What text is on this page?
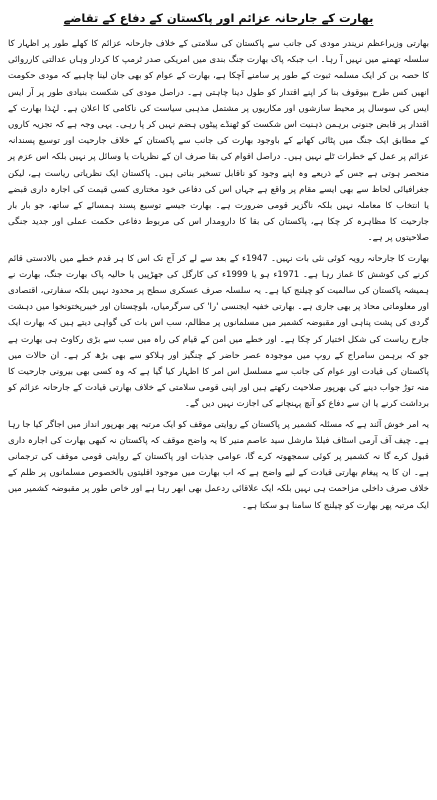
بھارت کے جارحانہ عزائم اور پاکستان کے دفاع کے تقاضے

بھارتی وزیراعظم نریندر مودی کی جانب سے پاکستان کی سلامتی کے خلاف جارحانہ عزائم کا کھلے طور پر اظہار کا سلسلہ تھمنے میں نہیں آ رہا۔ اب جبکہ پاک بھارت جنگ بندی میں امریکی صدر ٹرمپ کا کردار وہاں عدالتی کارروائی کا حصہ بن کر ایک مسلمہ ثبوت کے طور پر سامنے آچکا ہے، بھارت کے عوام کو بھی جان لینا چاہیے کہ مودی حکومت انھیں کس طرح بیوقوف بنا کر اپنے اقتدار کو طول دینا چاہتی ہے۔ دراصل مودی کی شکست بنیادی طور پر آر ایس ایس کی سوسال پر محیط سازشوں اور مکاریوں پر مشتمل مذہبی سیاست کی ناکامی کا اعلان ہے۔ لہٰذا بھارت کے اقتدار پر قابض جنونی برہمن ذہنیت اس شکست کو ٹھنڈے پیٹوں ہضم نہیں کر پا رہی۔ یہی وجہ ہے کہ تجزیہ کاروں کے مطابق ایک جنگ میں پٹائی کھانے کے باوجود بھارت کی جانب سے پاکستان کے خلاف جارحیت اور توسیع پسندانہ عزائم پر عمل کے خطرات ٹلے نہیں ہیں۔ دراصل اقوام کی بقا صرف ان کے نظریات یا وسائل پر نہیں بلکہ اس عزم پر منحصر ہوتی ہے جس کے ذریعے وہ اپنے وجود کو ناقابل تسخیر بناتی ہیں۔ پاکستان ایک نظریاتی ریاست ہے، لیکن جغرافیائی لحاظ سے بھی ایسے مقام پر واقع ہے جہاں اس کی دفاعی خود مختاری کسی قیمت کی اجارہ داری قبضے یا انتخاب کا معاملہ نہیں بلکہ ناگزیر قومی ضرورت ہے۔ بھارت جیسے توسیع پسند ہمسائے کے ساتھ، جو بار بار جارحیت کا مظاہرہ کر چکا ہے، پاکستان کی بقا کا دارومدار اس کی مربوط دفاعی حکمت عملی اور جدید جنگی صلاحیتوں پر ہے۔

بھارت کا جارحانہ رویہ کوئی نئی بات نہیں۔ 1947ء کے بعد سے لے کر آج تک اس کا ہر قدم خطے میں بالادستی قائم کرنے کی کوشش کا غماز رہا ہے۔ 1971ء ہو یا 1999ء کی کارگل کی جھڑپیں یا حالیہ پاک بھارت جنگ، بھارت نے ہمیشہ پاکستان کی سالمیت کو چیلنج کیا ہے۔ یہ سلسلہ صرف عسکری سطح پر محدود نہیں بلکہ سفارتی، اقتصادی اور معلوماتی محاذ پر بھی جاری ہے۔ بھارتی خفیہ ایجنسی 'را' کی سرگرمیاں، بلوچستان اور خیبرپختونخوا میں دہشت گردی کی پشت پناہی اور مقبوضہ کشمیر میں مسلمانوں پر مظالم، سب اس بات کی گواہی دیتے ہیں کہ بھارت ایک جارح ریاست کی شکل اختیار کر چکا ہے۔ اور خطے میں امن کے قیام کی راہ میں سب سے بڑی رکاوٹ ہی بھارت ہے جو کہ برہمن سامراج کے روپ میں موجودہ عصر حاضر کے چنگیز اور ہلاکو سے بھی بڑھ کر ہے۔ ان حالات میں پاکستان کی قیادت اور عوام کی جانب سے مسلسل اس امر کا اظہار کیا گیا ہے کہ وہ کسی بھی بیرونی جارحیت کا منہ توڑ جواب دینے کی بھرپور صلاحیت رکھتے ہیں اور اپنی قومی سلامتی کے خلاف بھارتی قیادت کے جارحانہ عزائم کو برداشت کرنے یا ان سے دفاع کو آنچ پہنچانے کی اجازت نہیں دیں گے۔

یہ امر خوش آئند ہے کہ مسئلہ کشمیر پر پاکستان کے روایتی موقف کو ایک مرتبہ پھر بھرپور انداز میں اجاگر کیا جا رہا ہے۔ چیف آف آرمی اسٹاف فیلڈ مارشل سید عاصم منیر کا یہ واضح موقف کہ پاکستان نہ کبھی بھارت کی اجارہ داری قبول کرے گا نہ کشمیر پر کوئی سمجھوتہ کرے گا، عوامی جذبات اور پاکستان کے روایتی قومی موقف کی ترجمانی ہے۔ ان کا یہ پیغام بھارتی قیادت کے لیے واضح ہے کہ اب بھارت میں موجود اقلیتوں بالخصوص مسلمانوں پر ظلم کے خلاف صرف داخلی مزاحمت ہی نہیں بلکہ ایک علاقائی ردعمل بھی ابھر رہا ہے اور خاص طور پر مقبوضہ کشمیر میں ایک مرتبہ پھر بھارت کو چیلنج کا سامنا ہو سکتا ہے۔
